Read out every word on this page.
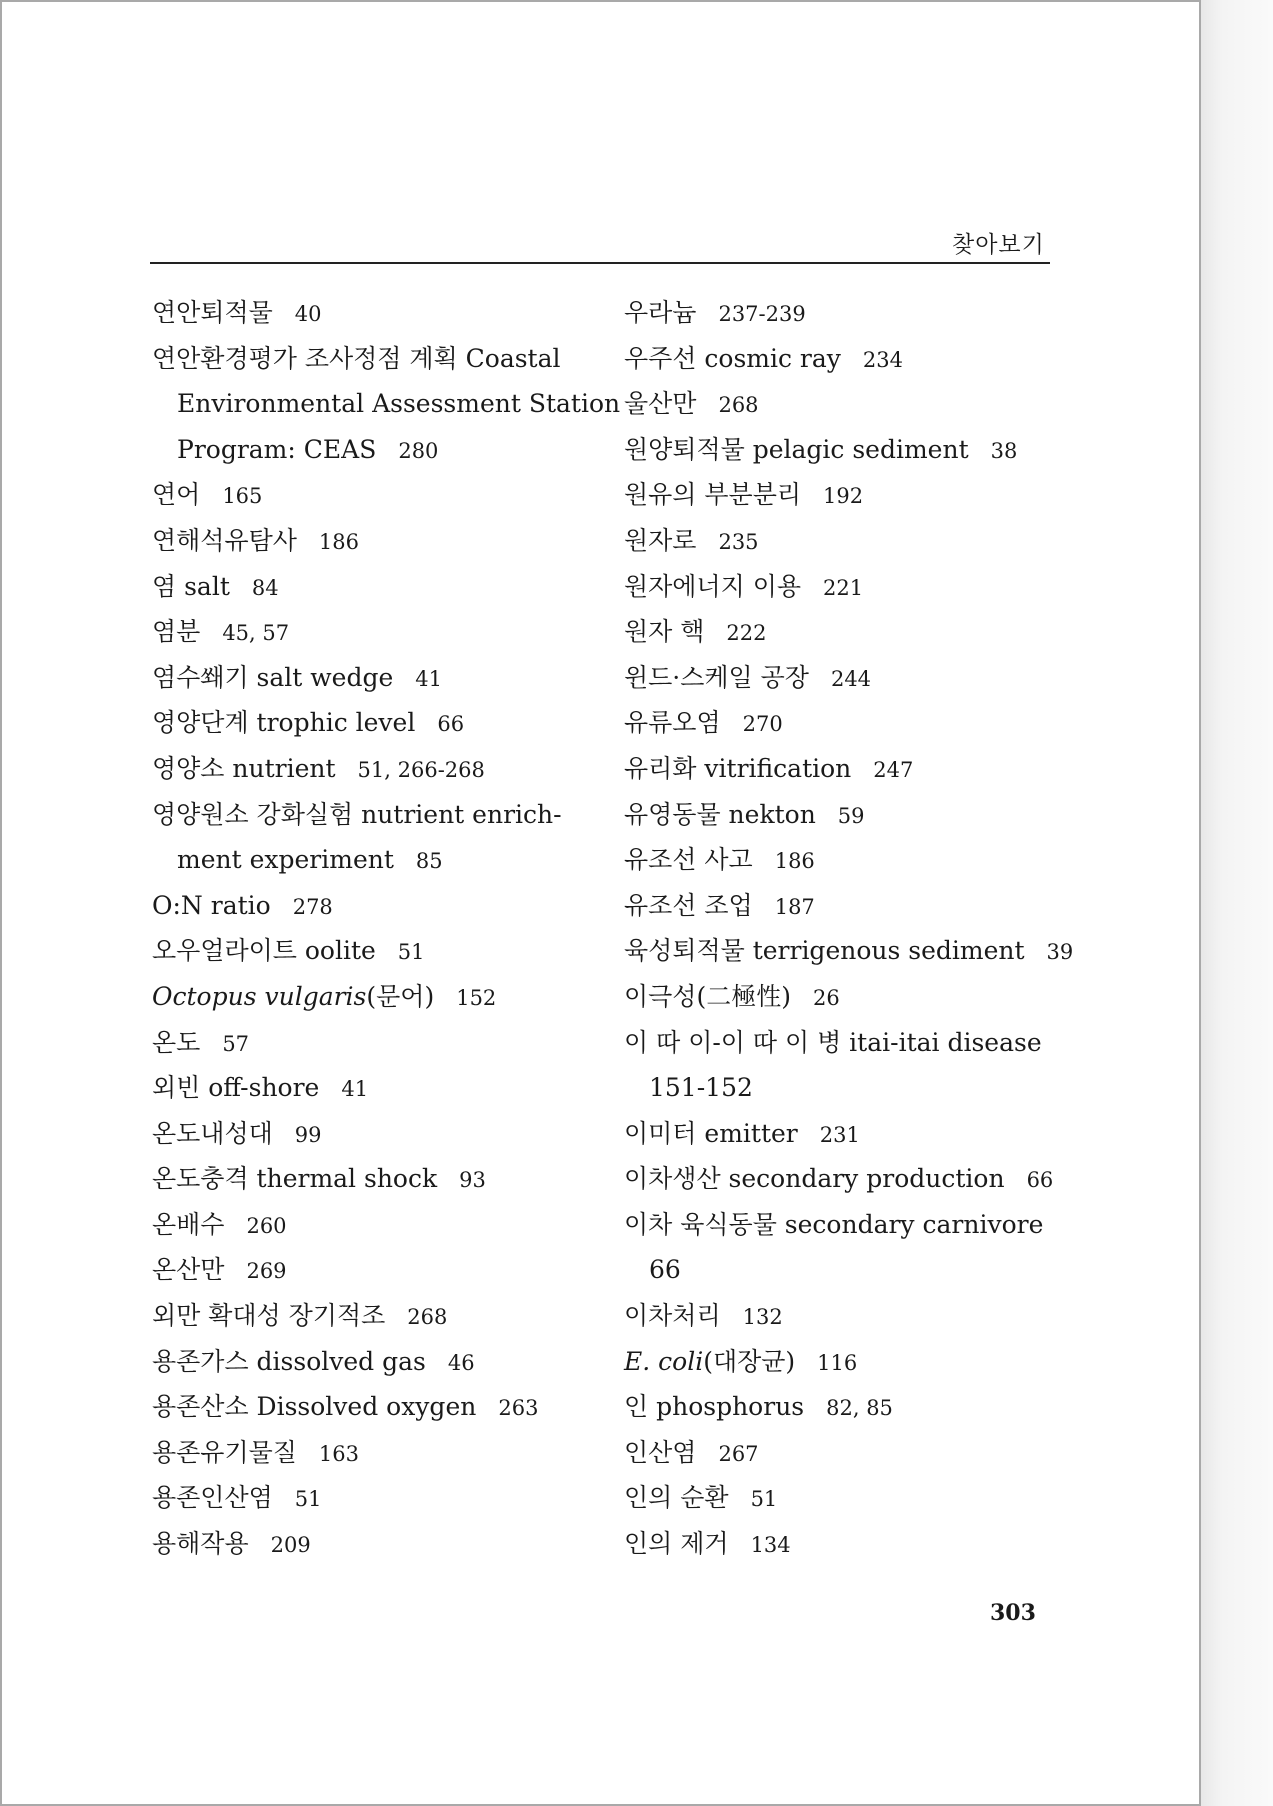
찾아보기
연안퇴적물 40
연안환경평가 조사정점 계획 Coastal
Environmental Assessment Station
Program: CEAS 280
연어 165
연해석유탐사 186
염 salt 84
염분 45, 57
염수쐐기 salt wedge 41
영양단계 trophic level 66
영양소 nutrient 51, 266-268
영양원소 강화실험 nutrient enrich-
ment experiment 85
O:N ratio 278
오우얼라이트 oolite 51
Octopus vulgaris(문어) 152
온도 57
외빈 off-shore 41
온도내성대 99
온도충격 thermal shock 93
온배수 260
온산만 269
외만 확대성 장기적조 268
용존가스 dissolved gas 46
용존산소 Dissolved oxygen 263
용존유기물질 163
용존인산염 51
용해작용 209
우라늄 237-239
우주선 cosmic ray 234
울산만 268
원양퇴적물 pelagic sediment 38
원유의 부분분리 192
원자로 235
원자에너지 이용 221
원자 핵 222
윈드·스케일 공장 244
유류오염 270
유리화 vitrification 247
유영동물 nekton 59
유조선 사고 186
유조선 조업 187
육성퇴적물 terrigenous sediment 39
이극성(二極性) 26
이 따 이-이 따 이 병 itai-itai disease
151-152
이미터 emitter 231
이차생산 secondary production 66
이차 육식동물 secondary carnivore
66
이차처리 132
E. coli(대장균) 116
인 phosphorus 82, 85
인산염 267
인의 순환 51
인의 제거 134
303
